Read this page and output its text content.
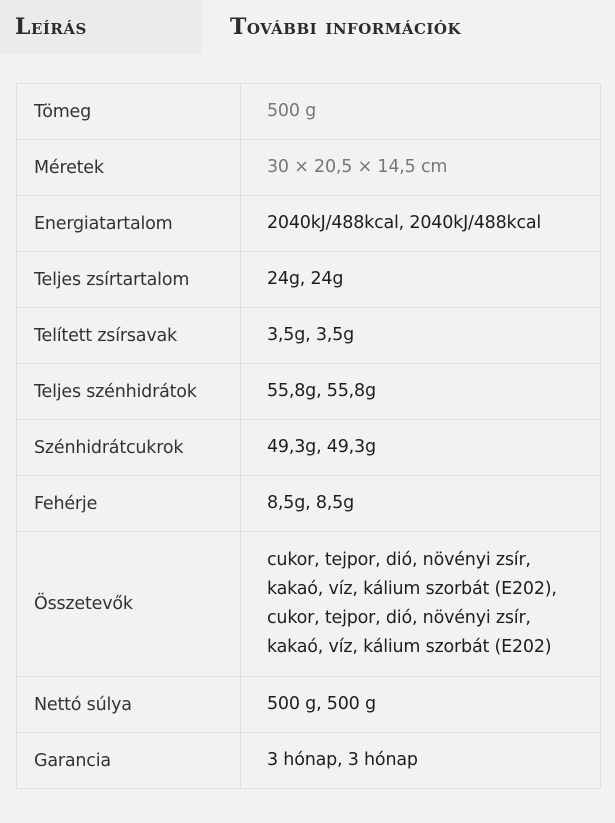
Leírás	További információk
Tömeg	500 g
Méretek	30 × 20,5 × 14,5 cm
Energiatartalom	2040kJ/488kcal, 2040kJ/488kcal
Teljes zsírtartalom	24g, 24g
Telített zsírsavak	3,5g, 3,5g
Teljes szénhidrátok	55,8g, 55,8g
Szénhidrátcukrok	49,3g, 49,3g
Fehérje	8,5g, 8,5g
Összetevők	cukor, tejpor, dió, növényi zsír, kakaó, víz, kálium szorbát (E202), cukor, tejpor, dió, növényi zsír, kakaó, víz, kálium szorbát (E202)
Nettó súlya	500 g, 500 g
Garancia	3 hónap, 3 hónap
